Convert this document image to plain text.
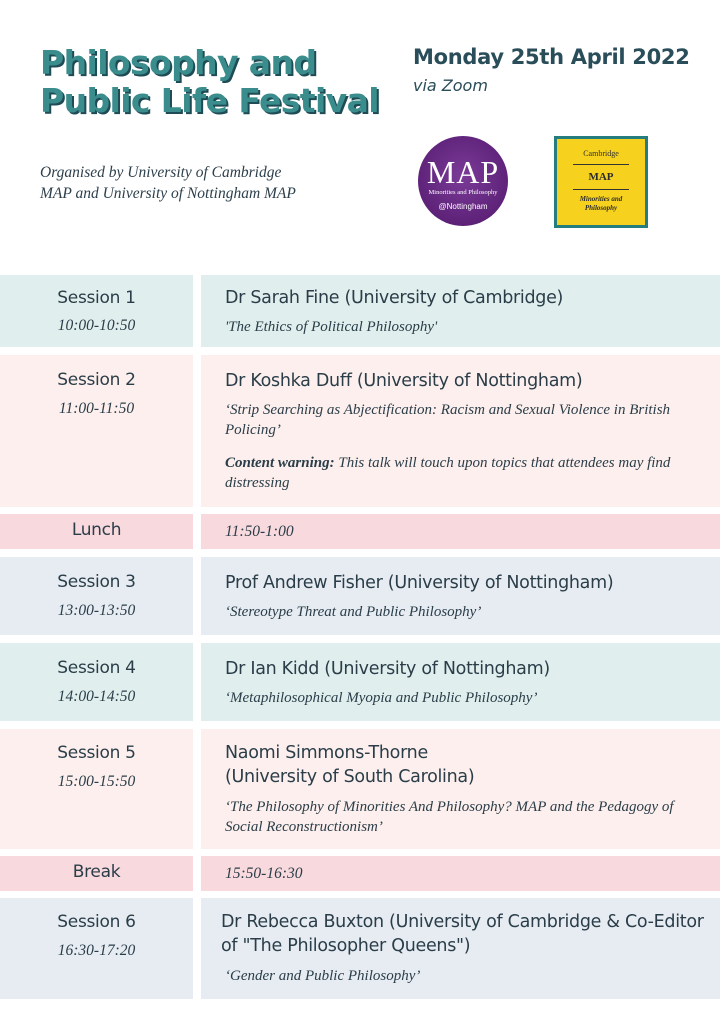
Philosophy and
Public Life Festival
Organised by University of Cambridge
MAP and University of Nottingham MAP
Monday 25th April 2022
via Zoom
MAP
Minorities and Philosophy
@Nottingham
Cambridge
MAP
Minorities and
Philosophy
Session 1
10:00-10:50
Dr Sarah Fine (University of Cambridge)
'The Ethics of Political Philosophy'
Session 2
11:00-11:50
Dr Koshka Duff (University of Nottingham)
‘Strip Searching as Abjectification: Racism and Sexual Violence in British Policing’
Content warning: This talk will touch upon topics that attendees may find distressing
Lunch	11:50-1:00
Session 3
13:00-13:50
Prof Andrew Fisher (University of Nottingham)
‘Stereotype Threat and Public Philosophy’
Session 4
14:00-14:50
Dr Ian Kidd (University of Nottingham)
‘Metaphilosophical Myopia and Public Philosophy’
Session 5
15:00-15:50
Naomi Simmons-Thorne
(University of South Carolina)
‘The Philosophy of Minorities And Philosophy? MAP and the Pedagogy of Social Reconstructionism’
Break	15:50-16:30
Session 6
16:30-17:20
Dr Rebecca Buxton (University of Cambridge & Co-Editor of "The Philosopher Queens")
‘Gender and Public Philosophy’
